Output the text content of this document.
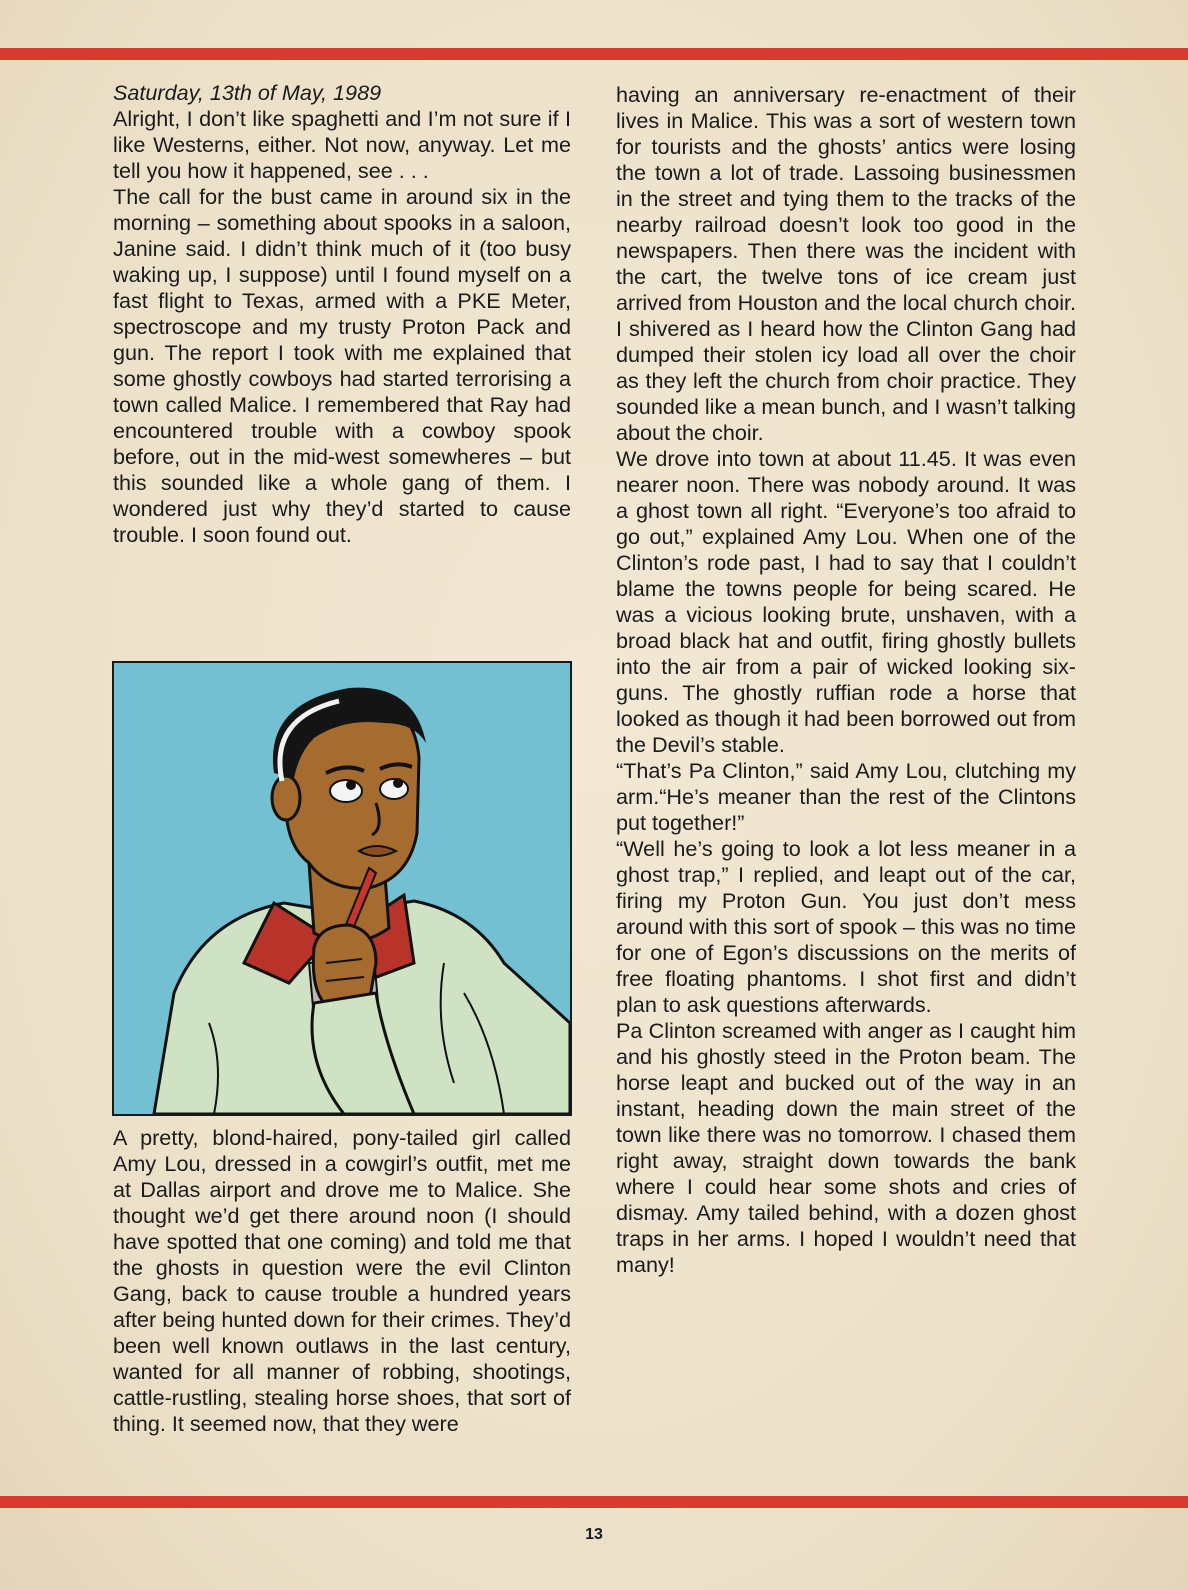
Saturday, 13th of May, 1989

Alright, I don’t like spaghetti and I’m not sure if I like Westerns, either. Not now, anyway. Let me tell you how it happened, see . . .

The call for the bust came in around six in the morning – something about spooks in a saloon, Janine said. I didn’t think much of it (too busy waking up, I suppose) until I found myself on a fast flight to Texas, armed with a PKE Meter, spectroscope and my trusty Proton Pack and gun. The report I took with me explained that some ghostly cowboys had started terrorising a town called Malice. I remembered that Ray had encountered trouble with a cowboy spook before, out in the mid-west somewheres – but this sounded like a whole gang of them. I wondered just why they’d started to cause trouble. I soon found out.

A pretty, blond-haired, pony-tailed girl called Amy Lou, dressed in a cowgirl’s outfit, met me at Dallas airport and drove me to Malice. She thought we’d get there around noon (I should have spotted that one coming) and told me that the ghosts in question were the evil Clinton Gang, back to cause trouble a hundred years after being hunted down for their crimes. They’d been well known outlaws in the last century, wanted for all manner of robbing, shootings, cattle-rustling, stealing horse shoes, that sort of thing. It seemed now, that they were

having an anniversary re-enactment of their lives in Malice. This was a sort of western town for tourists and the ghosts’ antics were losing the town a lot of trade. Lassoing businessmen in the street and tying them to the tracks of the nearby railroad doesn’t look too good in the newspapers. Then there was the incident with the cart, the twelve tons of ice cream just arrived from Houston and the local church choir. I shivered as I heard how the Clinton Gang had dumped their stolen icy load all over the choir as they left the church from choir practice. They sounded like a mean bunch, and I wasn’t talking about the choir.

We drove into town at about 11.45. It was even nearer noon. There was nobody around. It was a ghost town all right. “Everyone’s too afraid to go out,” explained Amy Lou. When one of the Clinton’s rode past, I had to say that I couldn’t blame the towns people for being scared. He was a vicious looking brute, unshaven, with a broad black hat and outfit, firing ghostly bullets into the air from a pair of wicked looking six-guns. The ghostly ruffian rode a horse that looked as though it had been borrowed out from the Devil’s stable.

“That’s Pa Clinton,” said Amy Lou, clutching my arm.“He’s meaner than the rest of the Clintons put together!”

“Well he’s going to look a lot less meaner in a ghost trap,” I replied, and leapt out of the car, firing my Proton Gun. You just don’t mess around with this sort of spook – this was no time for one of Egon’s discussions on the merits of free floating phantoms. I shot first and didn’t plan to ask questions afterwards.

Pa Clinton screamed with anger as I caught him and his ghostly steed in the Proton beam. The horse leapt and bucked out of the way in an instant, heading down the main street of the town like there was no tomorrow. I chased them right away, straight down towards the bank where I could hear some shots and cries of dismay. Amy tailed behind, with a dozen ghost traps in her arms. I hoped I wouldn’t need that many!

13
